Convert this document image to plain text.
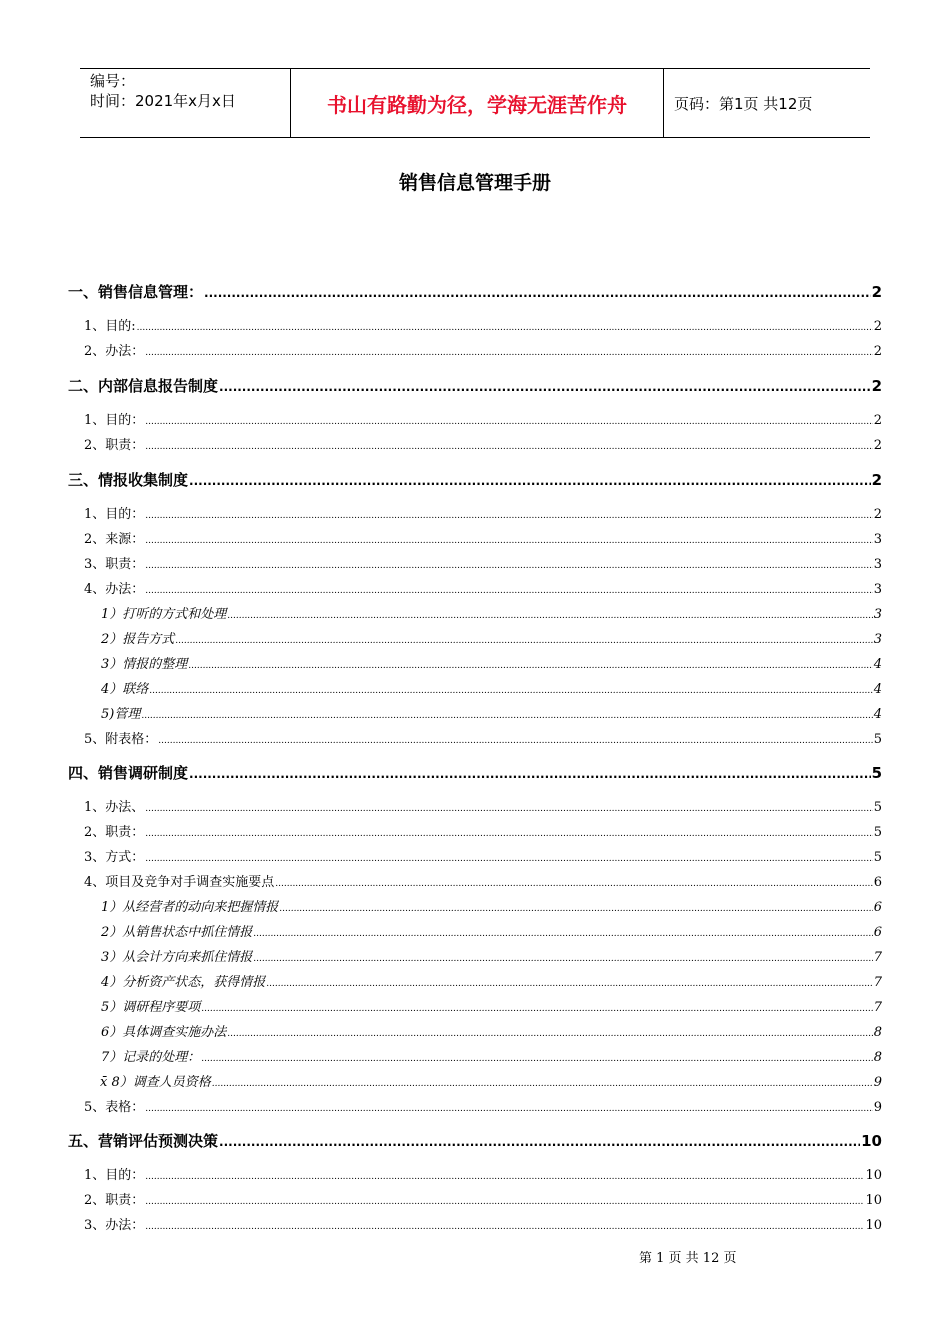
编号：
时间：2021年x月x日	书山有路勤为径，学海无涯苦作舟	页码：第1页 共12页
销售信息管理手册
一、销售信息管理： .....	2
1、目的: .....	2
2、办法： .....	2
二、内部信息报告制度 .....	2
1、目的： .....	2
2、职责： .....	2
三、情报收集制度 .....	2
1、目的： .....	2
2、来源： .....	3
3、职责： .....	3
4、办法： .....	3
1）打听的方式和处理 .....	3
2）报告方式 .....	3
3）情报的整理 .....	4
4）联络 .....	4
5)管理 .....	4
5、附表格： .....	5
四、销售调研制度 .....	5
1、办法、 .....	5
2、职责： .....	5
3、方式： .....	5
4、项目及竞争对手调查实施要点 .....	6
1）从经营者的动向来把握情报 .....	6
2）从销售状态中抓住情报 .....	6
3）从会计方向来抓住情报 .....	7
4）分析资产状态，获得情报 .....	7
5）调研程序要项 .....	7
6）具体调查实施办法 .....	8
7）记录的处理： .....	8
x̄ 8）调查人员资格 .....	9
5、表格： .....	9
五、营销评估预测决策 .....	10
1、目的： .....	10
2、职责： .....	10
3、办法： .....	10
第 1 页 共 12 页
